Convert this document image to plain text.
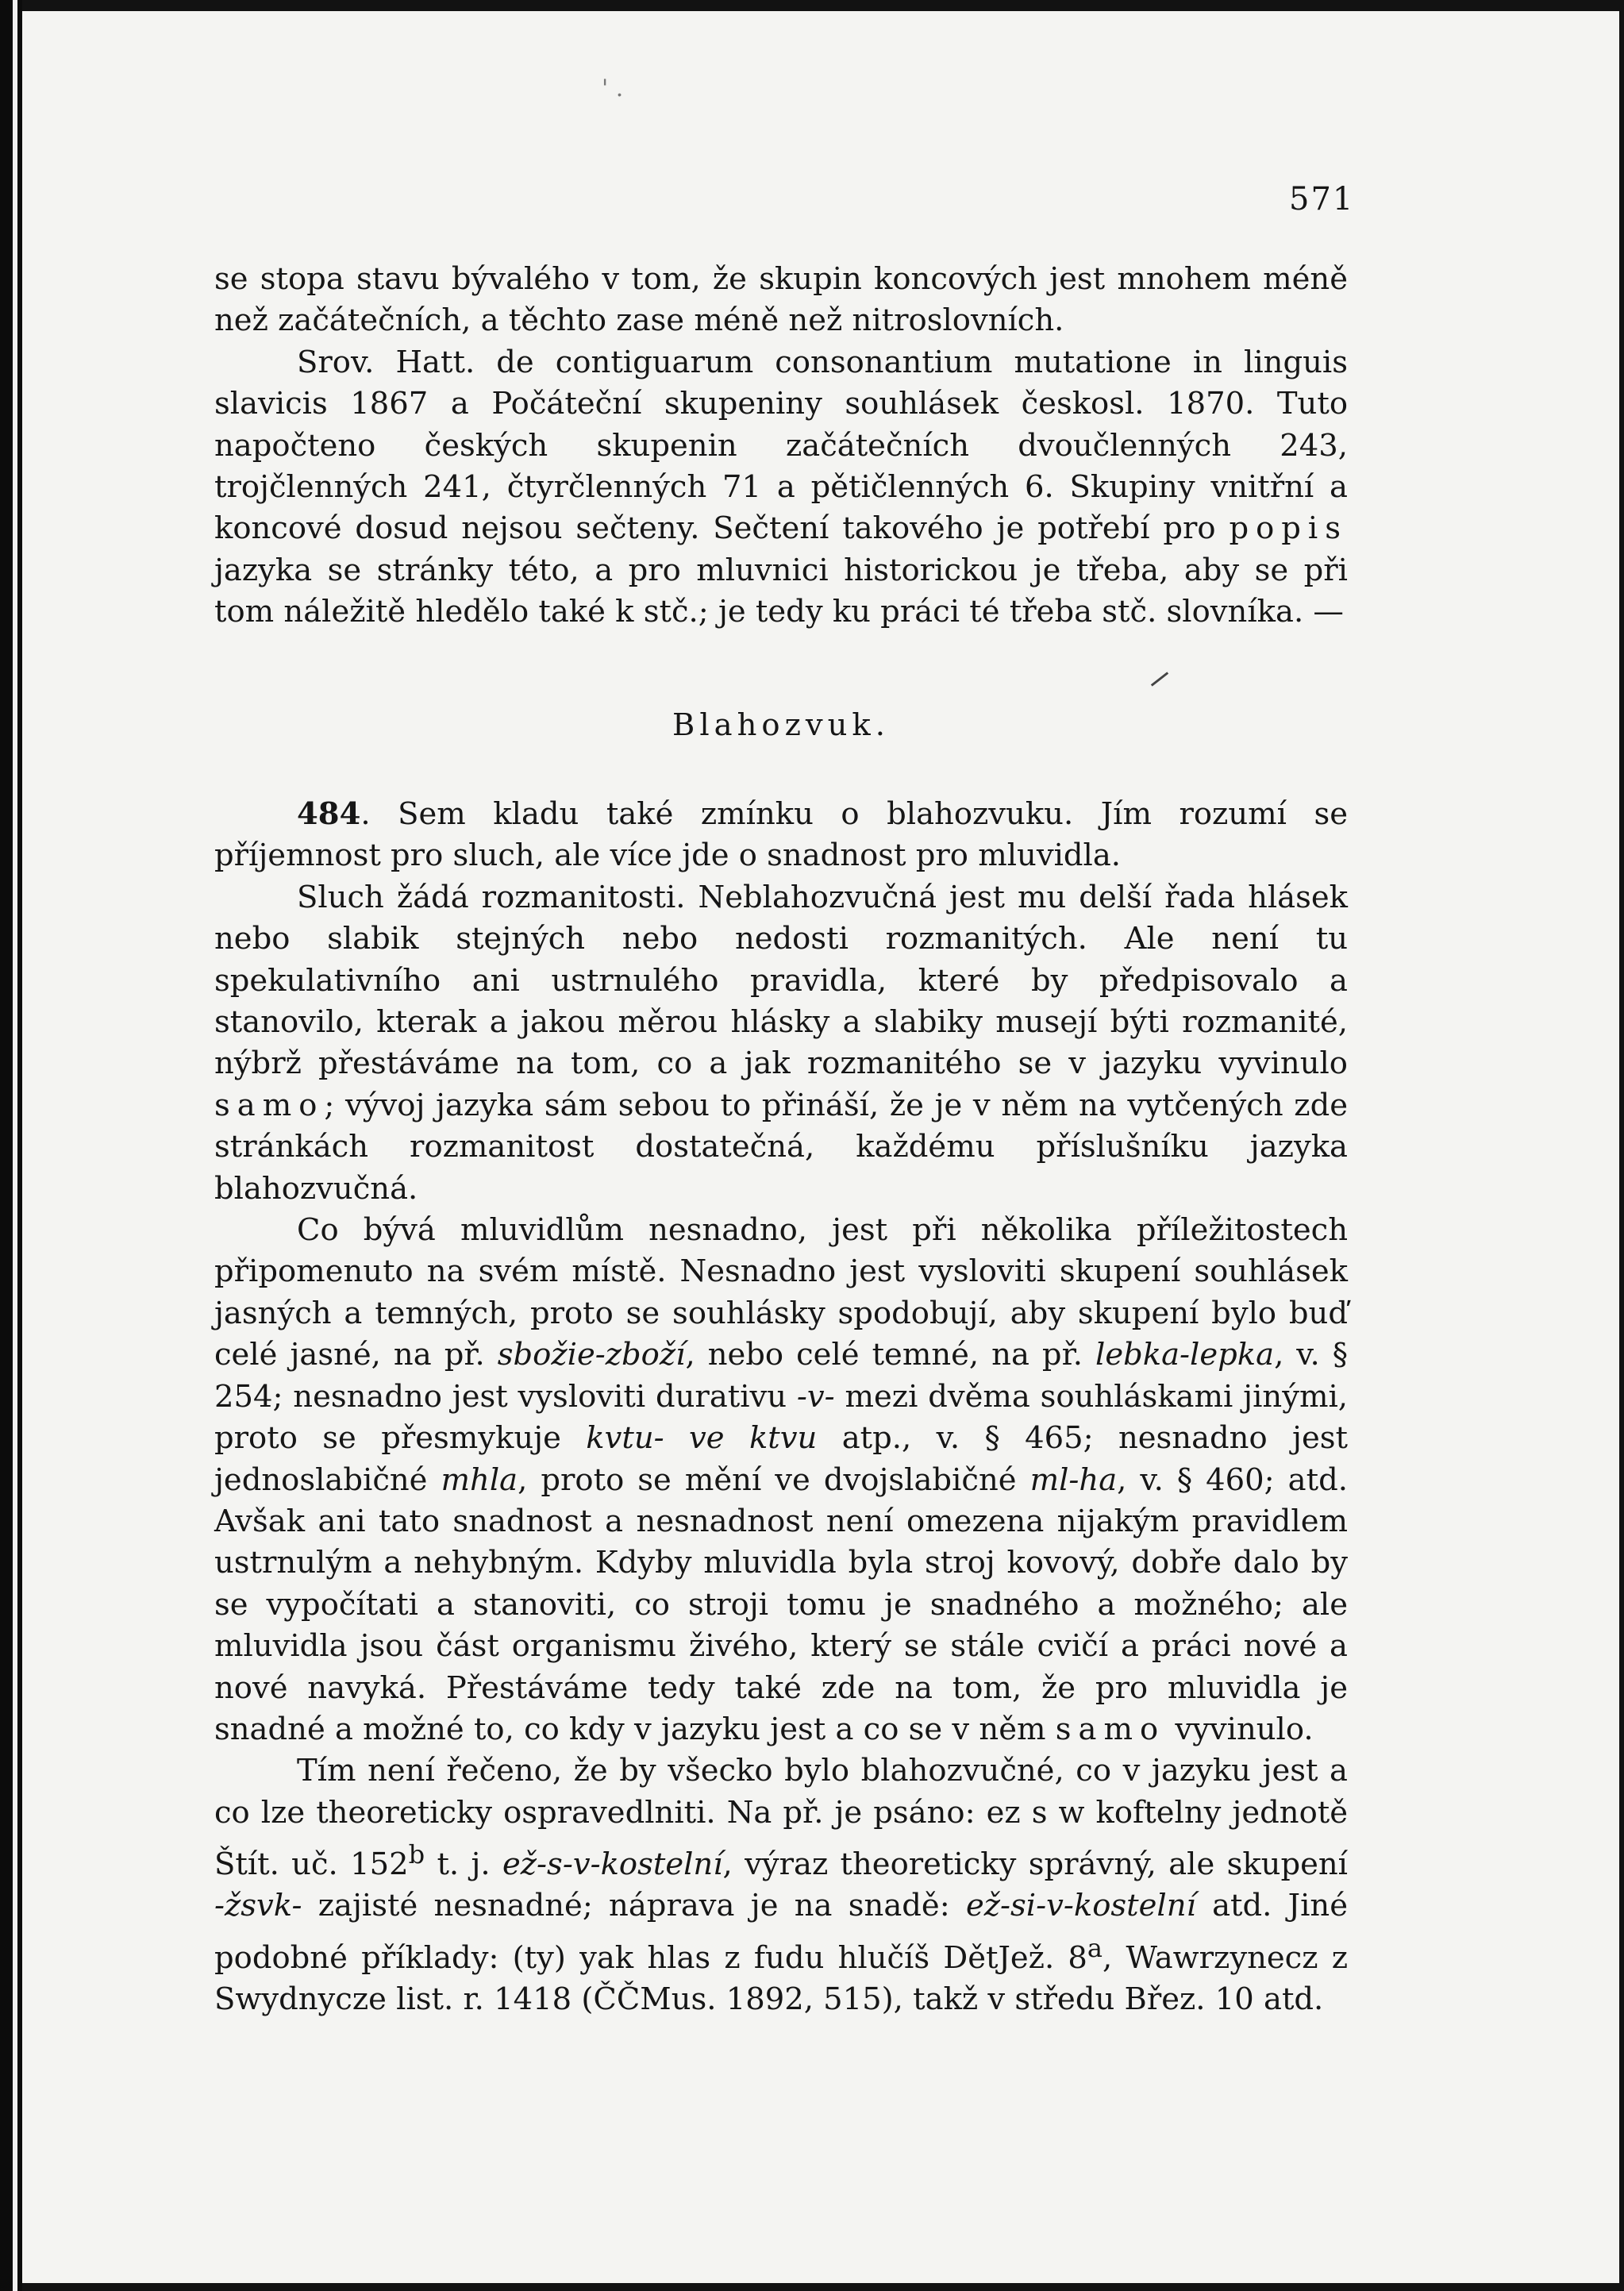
' .
571

se stopa stavu bývalého v tom, že skupin koncových jest mnohem méně než začátečních, a těchto zase méně než nitroslovních.

Srov. Hatt. de contiguarum consonantium mutatione in linguis slavicis 1867 a Počáteční skupeniny souhlásek českosl. 1870. Tuto napočteno českých skupenin začátečních dvoučlenných 243, trojčlenných 241, čtyrčlenných 71 a pětičlenných 6. Skupiny vnitřní a koncové dosud nejsou sečteny. Sečtení takového je potřebí pro popis jazyka se stránky této, a pro mluvnici historickou je třeba, aby se při tom náležitě hledělo také k stč.; je tedy ku práci té třeba stč. slovníka. —

Blahozvuk.

484. Sem kladu také zmínku o blahozvuku. Jím rozumí se příjemnost pro sluch, ale více jde o snadnost pro mluvidla.

Sluch žádá rozmanitosti. Neblahozvučná jest mu delší řada hlásek nebo slabik stejných nebo nedosti rozmanitých. Ale není tu spekulativního ani ustrnulého pravidla, které by předpisovalo a stanovilo, kterak a jakou měrou hlásky a slabiky musejí býti rozmanité, nýbrž přestáváme na tom, co a jak rozmanitého se v jazyku vyvinulo samo; vývoj jazyka sám sebou to přináší, že je v něm na vytčených zde stránkách rozmanitost dostatečná, každému příslušníku jazyka blahozvučná.

Co bývá mluvidlům nesnadno, jest při několika příležitostech připomenuto na svém místě. Nesnadno jest vysloviti skupení souhlásek jasných a temných, proto se souhlásky spodobují, aby skupení bylo buď celé jasné, na př. sbožie-zboží, nebo celé temné, na př. lebka-lepka, v. § 254; nesnadno jest vysloviti durativu -v- mezi dvěma souhláskami jinými, proto se přesmykuje kvtu- ve ktvu atp., v. § 465; nesnadno jest jednoslabičné mhla, proto se mění ve dvojslabičné ml-ha, v. § 460; atd. Avšak ani tato snadnost a nesnadnost není omezena nijakým pravidlem ustrnulým a nehybným. Kdyby mluvidla byla stroj kovový, dobře dalo by se vypočítati a stanoviti, co stroji tomu je snadného a možného; ale mluvidla jsou část organismu živého, který se stále cvičí a práci nové a nové navyká. Přestáváme tedy také zde na tom, že pro mluvidla je snadné a možné to, co kdy v jazyku jest a co se v něm samo vyvinulo.

Tím není řečeno, že by všecko bylo blahozvučné, co v jazyku jest a co lze theoreticky ospravedlniti. Na př. je psáno: ez s w koftelny jednotě Štít. uč. 152$^b$ t. j. ež-s-v-kostelní, výraz theoreticky správný, ale skupení -žsvk- zajisté nesnadné; náprava je na snadě: ež-si-v-kostelní atd. Jiné podobné příklady: (ty) yak hlas z fudu hlučíš DětJež. 8$^a$, Wawrzynecz z Swydnycze list. r. 1418 (ČČMus. 1892, 515), takž v středu Břez. 10 atd.
